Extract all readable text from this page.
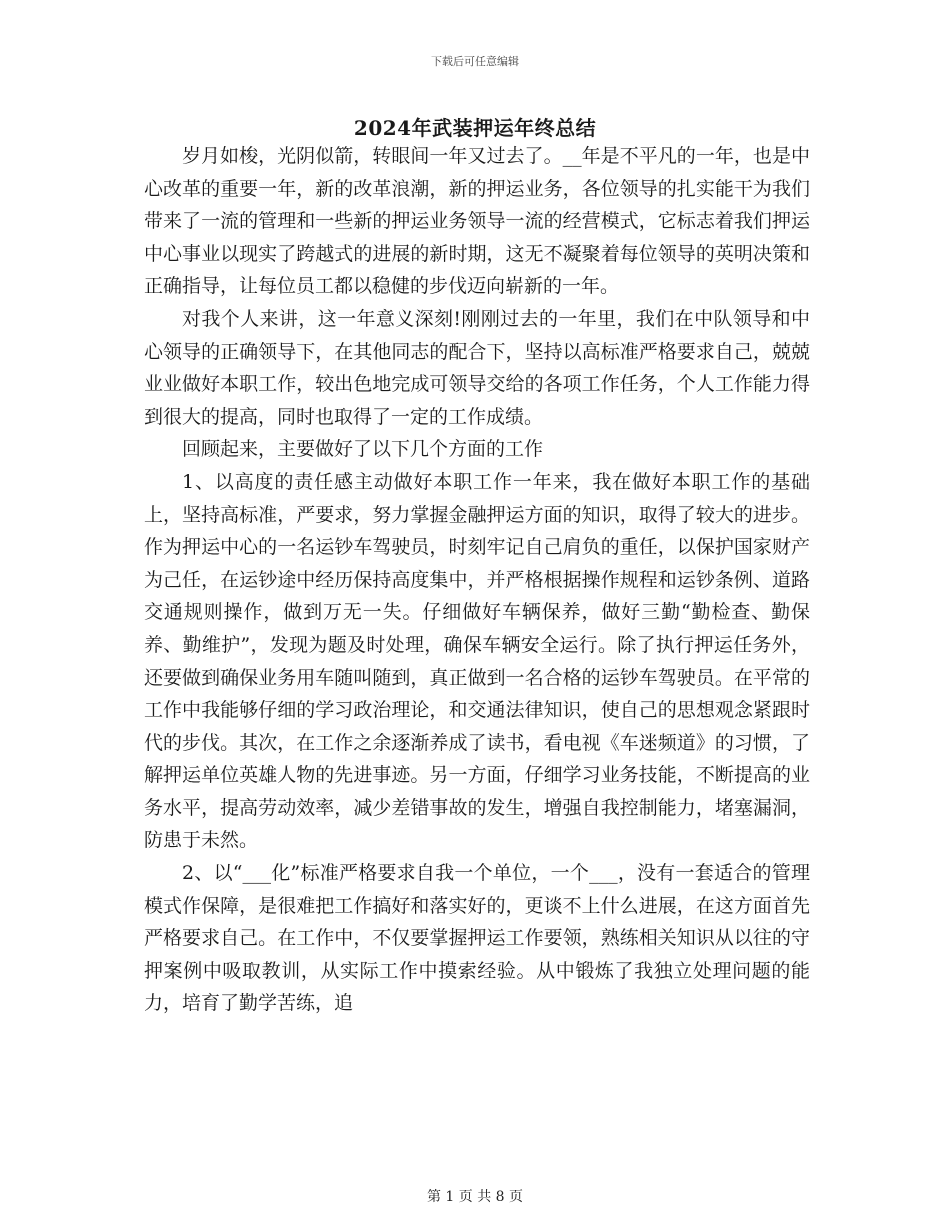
下载后可任意编辑
2024年武装押运年终总结

岁月如梭，光阴似箭，转眼间一年又过去了。__年是不平凡的一年，也是中心改革的重要一年，新的改革浪潮，新的押运业务，各位领导的扎实能干为我们带来了一流的管理和一些新的押运业务领导一流的经营模式，它标志着我们押运中心事业以现实了跨越式的进展的新时期，这无不凝聚着每位领导的英明决策和正确指导，让每位员工都以稳健的步伐迈向崭新的一年。

对我个人来讲，这一年意义深刻!刚刚过去的一年里，我们在中队领导和中心领导的正确领导下，在其他同志的配合下，坚持以高标准严格要求自己，兢兢业业做好本职工作，较出色地完成可领导交给的各项工作任务，个人工作能力得到很大的提高，同时也取得了一定的工作成绩。

回顾起来，主要做好了以下几个方面的工作

1、以高度的责任感主动做好本职工作一年来，我在做好本职工作的基础上，坚持高标准，严要求，努力掌握金融押运方面的知识，取得了较大的进步。作为押运中心的一名运钞车驾驶员，时刻牢记自己肩负的重任，以保护国家财产为己任，在运钞途中经历保持高度集中，并严格根据操作规程和运钞条例、道路交通规则操作，做到万无一失。仔细做好车辆保养，做好三勤“勤检查、勤保养、勤维护”，发现为题及时处理，确保车辆安全运行。除了执行押运任务外，还要做到确保业务用车随叫随到，真正做到一名合格的运钞车驾驶员。在平常的工作中我能够仔细的学习政治理论，和交通法律知识，使自己的思想观念紧跟时代的步伐。其次，在工作之余逐渐养成了读书，看电视《车迷频道》的习惯，了解押运单位英雄人物的先进事迹。另一方面，仔细学习业务技能，不断提高的业务水平，提高劳动效率，减少差错事故的发生，增强自我控制能力，堵塞漏洞，防患于未然。

2、以“___化”标准严格要求自我一个单位，一个___，没有一套适合的管理模式作保障，是很难把工作搞好和落实好的，更谈不上什么进展，在这方面首先严格要求自己。在工作中，不仅要掌握押运工作要领，熟练相关知识从以往的守押案例中吸取教训，从实际工作中摸索经验。从中锻炼了我独立处理问题的能力，培育了勤学苦练，追

第 1 页 共 8 页
